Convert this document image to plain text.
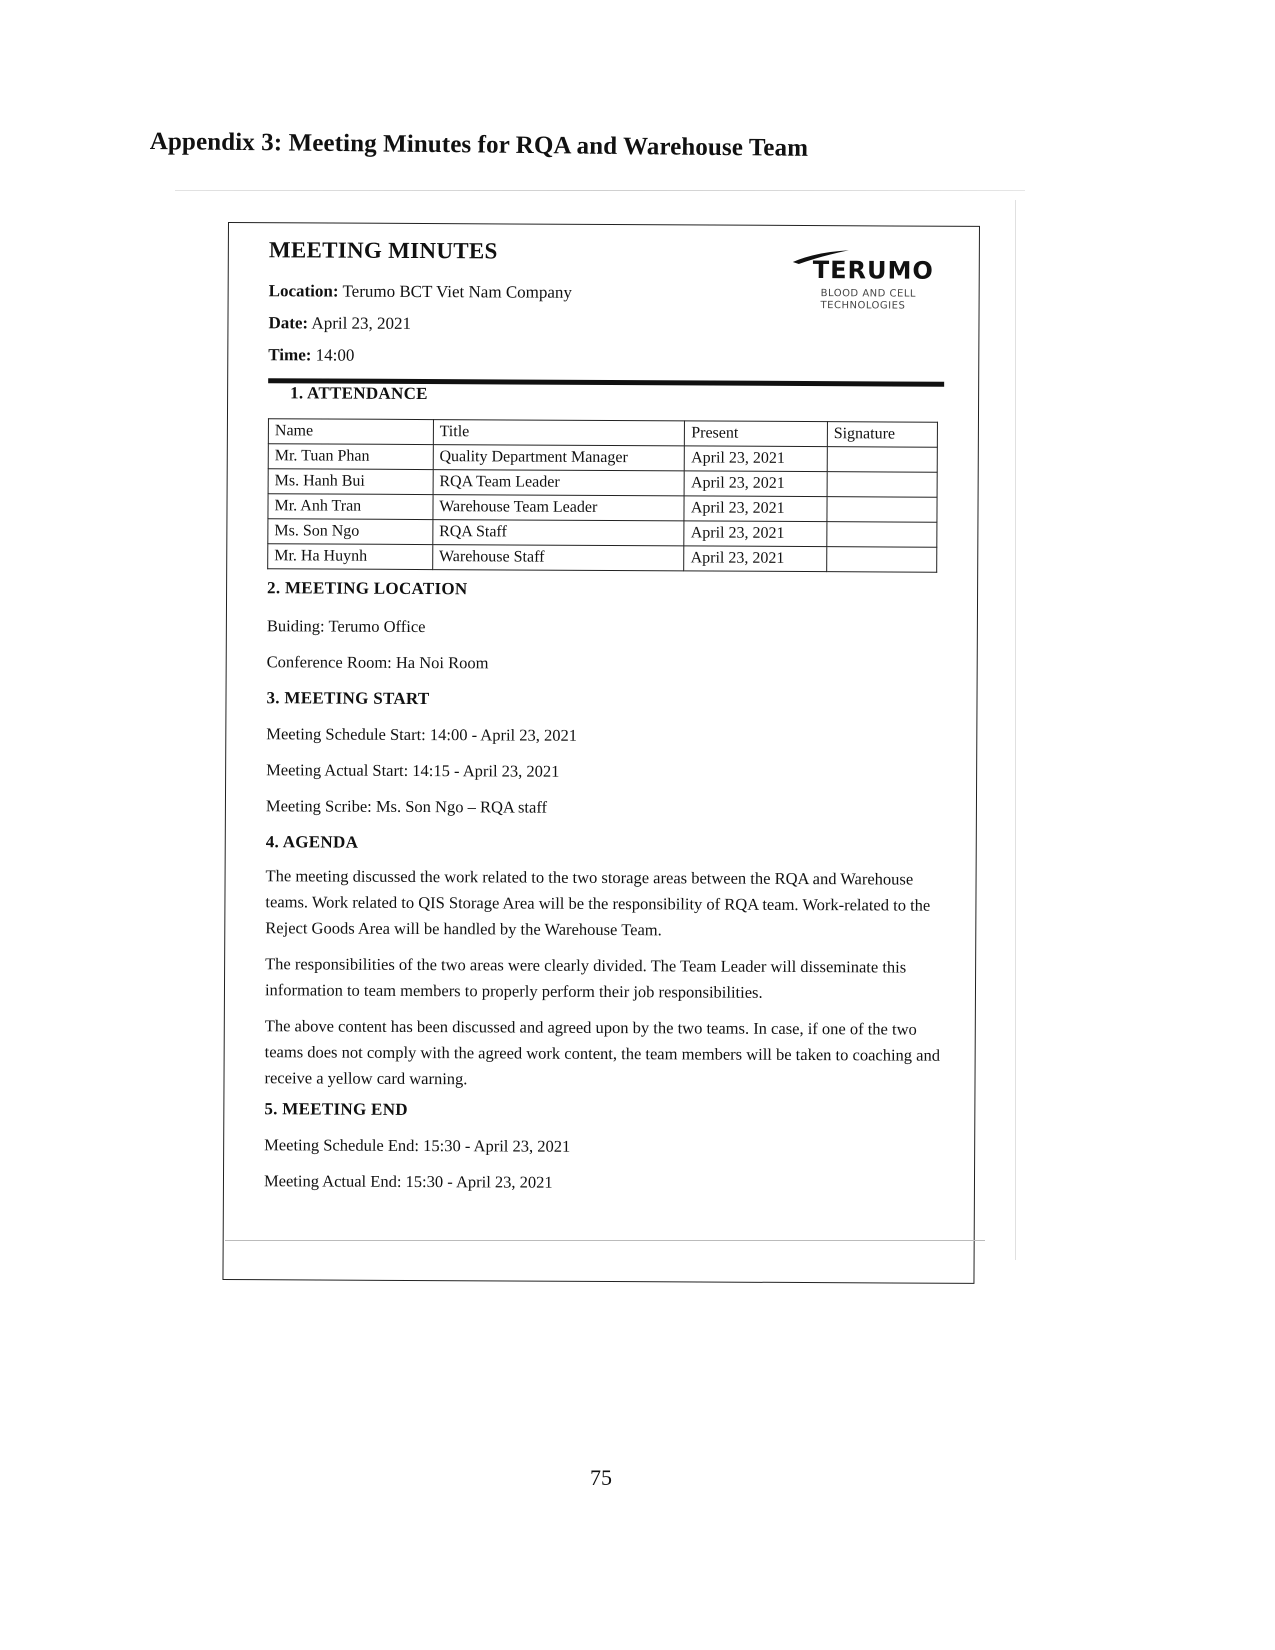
Appendix 3: Meeting Minutes for RQA and Warehouse Team
MEETING MINUTES
Location: Terumo BCT Viet Nam Company
Date: April 23, 2021
Time: 14:00
TERUMO
BLOOD AND CELL
TECHNOLOGIES
1. ATTENDANCE
Name	Title	Present	Signature
Mr. Tuan Phan	Quality Department Manager	April 23, 2021	
Ms. Hanh Bui	RQA Team Leader	April 23, 2021	
Mr. Anh Tran	Warehouse Team Leader	April 23, 2021	
Ms. Son Ngo	RQA Staff	April 23, 2021	
Mr. Ha Huynh	Warehouse Staff	April 23, 2021	
2. MEETING LOCATION
Buiding: Terumo Office
Conference Room: Ha Noi Room
3. MEETING START
Meeting Schedule Start: 14:00 - April 23, 2021
Meeting Actual Start: 14:15 - April 23, 2021
Meeting Scribe: Ms. Son Ngo – RQA staff
4. AGENDA
The meeting discussed the work related to the two storage areas between the RQA and Warehouse teams. Work related to QIS Storage Area will be the responsibility of RQA team. Work-related to the Reject Goods Area will be handled by the Warehouse Team.
The responsibilities of the two areas were clearly divided. The Team Leader will disseminate this information to team members to properly perform their job responsibilities.
The above content has been discussed and agreed upon by the two teams. In case, if one of the two teams does not comply with the agreed work content, the team members will be taken to coaching and receive a yellow card warning.
5. MEETING END
Meeting Schedule End: 15:30 - April 23, 2021
Meeting Actual End: 15:30 - April 23, 2021
75
